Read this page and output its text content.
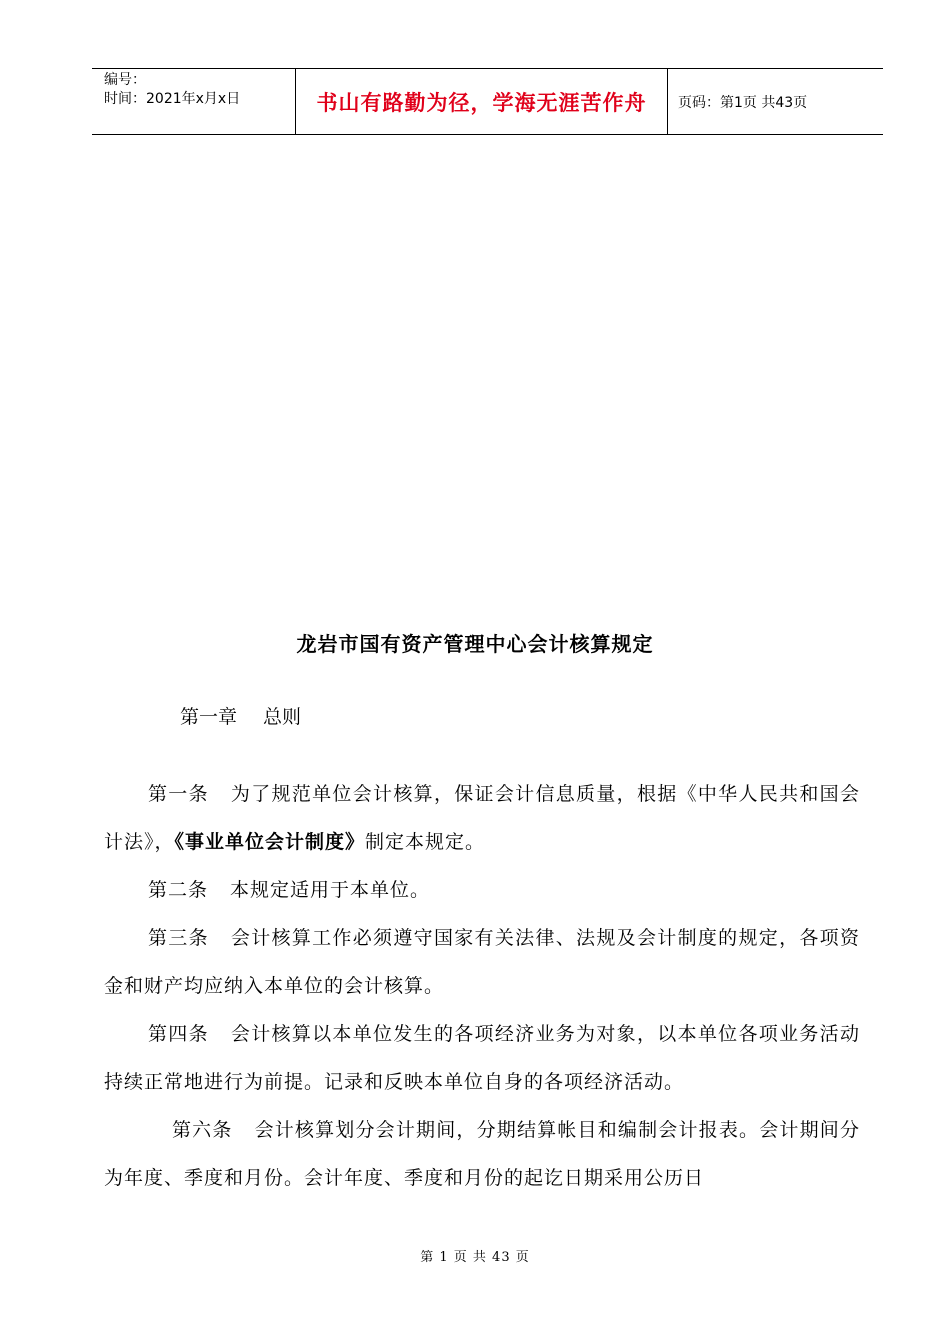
编号：
时间：2021年x月x日	书山有路勤为径，学海无涯苦作舟	页码：第1页 共43页
龙岩市国有资产管理中心会计核算规定
第一章 总则

第一条 为了规范单位会计核算，保证会计信息质量，根据《中华人民共和国会计法》，《事业单位会计制度》制定本规定。

第二条 本规定适用于本单位。

第三条 会计核算工作必须遵守国家有关法律、法规及会计制度的规定，各项资金和财产均应纳入本单位的会计核算。

第四条 会计核算以本单位发生的各项经济业务为对象，以本单位各项业务活动持续正常地进行为前提。记录和反映本单位自身的各项经济活动。

第六条 会计核算划分会计期间，分期结算帐目和编制会计报表。会计期间分为年度、季度和月份。会计年度、季度和月份的起讫日期采用公历日

第 1 页 共 43 页
